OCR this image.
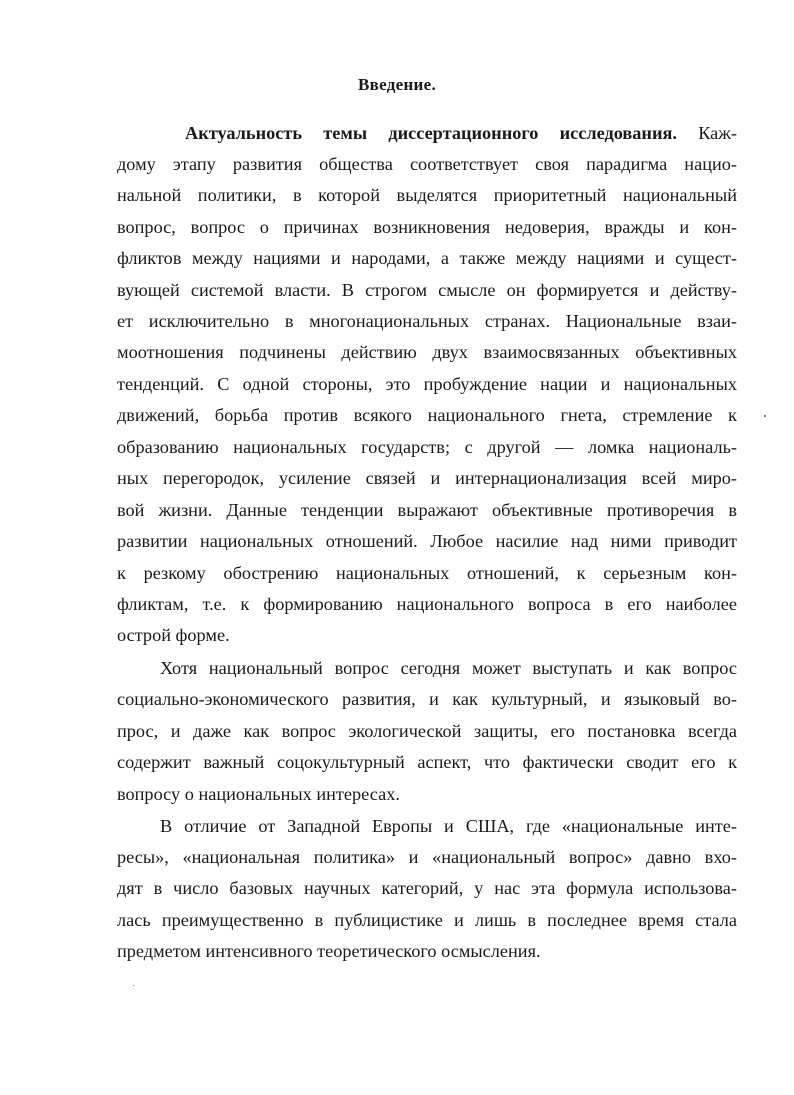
Введение.
Актуальность темы диссертационного исследования. Каж-
дому этапу развития общества соответствует своя парадигма нацио-
нальной политики, в которой выделятся приоритетный национальный
вопрос, вопрос о причинах возникновения недоверия, вражды и кон-
фликтов между нациями и народами, а также между нациями и сущест-
вующей системой власти. В строгом смысле он формируется и действу-
ет исключительно в многонациональных странах. Национальные взаи-
моотношения подчинены действию двух взаимосвязанных объективных
тенденций. С одной стороны, это пробуждение нации и национальных
движений, борьба против всякого национального гнета, стремление к
образованию национальных государств; с другой — ломка националь-
ных перегородок, усиление связей и интернационализация всей миро-
вой жизни. Данные тенденции выражают объективные противоречия в
развитии национальных отношений. Любое насилие над ними приводит
к резкому обострению национальных отношений, к серьезным кон-
фликтам, т.е. к формированию национального вопроса в его наиболее
острой форме.
Хотя национальный вопрос сегодня может выступать и как вопрос
социально-экономического развития, и как культурный, и языковый во-
прос, и даже как вопрос экологической защиты, его постановка всегда
содержит важный соцокультурный аспект, что фактически сводит его к
вопросу о национальных интересах.
В отличие от Западной Европы и США, где «национальные инте-
ресы», «национальная политика» и «национальный вопрос» давно вхо-
дят в число базовых научных категорий, у нас эта формула использова-
лась преимущественно в публицистике и лишь в последнее время стала
предметом интенсивного теоретического осмысления.
